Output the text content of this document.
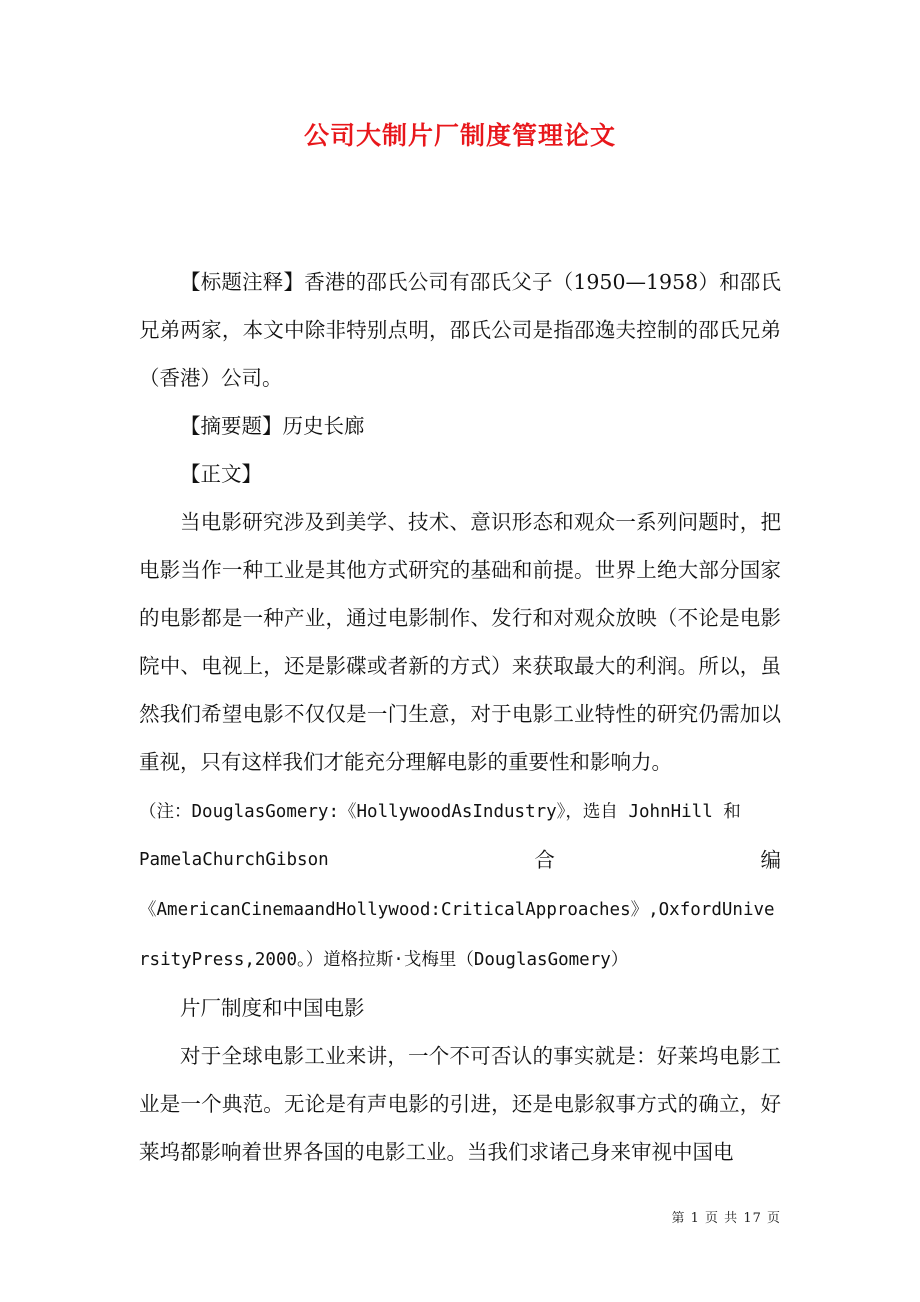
公司大制片厂制度管理论文

【标题注释】香港的邵氏公司有邵氏父子（1950—1958）和邵氏兄弟两家，本文中除非特别点明，邵氏公司是指邵逸夫控制的邵氏兄弟（香港）公司。

【摘要题】历史长廊

【正文】

当电影研究涉及到美学、技术、意识形态和观众一系列问题时，把电影当作一种工业是其他方式研究的基础和前提。世界上绝大部分国家的电影都是一种产业，通过电影制作、发行和对观众放映（不论是电影院中、电视上，还是影碟或者新的方式）来获取最大的利润。所以，虽然我们希望电影不仅仅是一门生意，对于电影工业特性的研究仍需加以重视，只有这样我们才能充分理解电影的重要性和影响力。

（注：DouglasGomery:《HollywoodAsIndustry》，选自 JohnHill 和

PamelaChurchGibson	合	编

《AmericanCinemaandHollywood:CriticalApproaches》,OxfordUniversityPress,2000。）道格拉斯·戈梅里（DouglasGomery）

片厂制度和中国电影

对于全球电影工业来讲，一个不可否认的事实就是：好莱坞电影工业是一个典范。无论是有声电影的引进，还是电影叙事方式的确立，好莱坞都影响着世界各国的电影工业。当我们求诸己身来审视中国电

第 1 页 共 17 页
